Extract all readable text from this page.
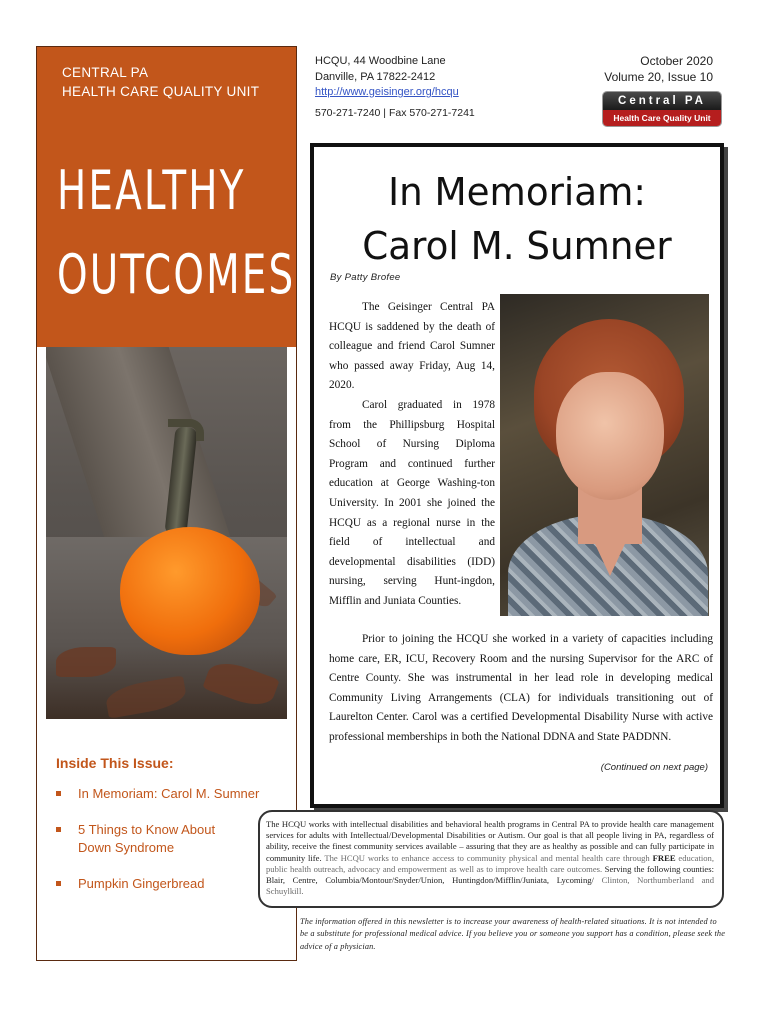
CENTRAL PA
HEALTH CARE QUALITY UNIT
HEALTHY
OUTCOMES
Inside This Issue:
In Memoriam: Carol M. Sumner
5 Things to Know About
Down Syndrome
Pumpkin Gingerbread
HCQU, 44 Woodbine Lane
Danville, PA 17822-2412
http://www.geisinger.org/hcqu
570-271-7240 | Fax 570-271-7241
October 2020
Volume 20, Issue 10
Central PA
Health Care Quality Unit
In Memoriam:
Carol M. Sumner
By Patty Brofee

The Geisinger Central PA HCQU is saddened by the death of colleague and friend Carol Sumner who passed away Friday, Aug 14, 2020.

Carol graduated in 1978 from the Phillipsburg Hospital School of Nursing Diploma Program and continued further education at George Washing-ton University. In 2001 she joined the HCQU as a regional nurse in the field of intellectual and developmental disabilities (IDD) nursing, serving Hunt-ingdon, Mifflin and Juniata Counties.

Prior to joining the HCQU she worked in a variety of capacities including home care, ER, ICU, Recovery Room and the nursing Supervisor for the ARC of Centre County. She was instrumental in her lead role in developing medical Community Living Arrangements (CLA) for individuals transitioning out of Laurelton Center. Carol was a certified Developmental Disability Nurse with active professional memberships in both the National DDNA and State PADDNN.

(Continued on next page)
The HCQU works with intellectual disabilities and behavioral health programs in Central PA to provide health care management services for adults with Intellectual/Developmental Disabilities or Autism. Our goal is that all people living in PA, regardless of ability, receive the finest community services available – assuring that they are as healthy as possible and can fully participate in community life. The HCQU works to enhance access to community physical and mental health care through FREE education, public health outreach, advocacy and empowerment as well as to improve health care outcomes. Serving the following counties: Blair, Centre, Columbia/Montour/Snyder/Union, Huntingdon/Mifflin/Juniata, Lycoming/ Clinton, Northumberland and Schuylkill.
The information offered in this newsletter is to increase your awareness of health-related situations. It is not intended to be a substitute for professional medical advice. If you believe you or someone you support has a condition, please seek the advice of a physician.
